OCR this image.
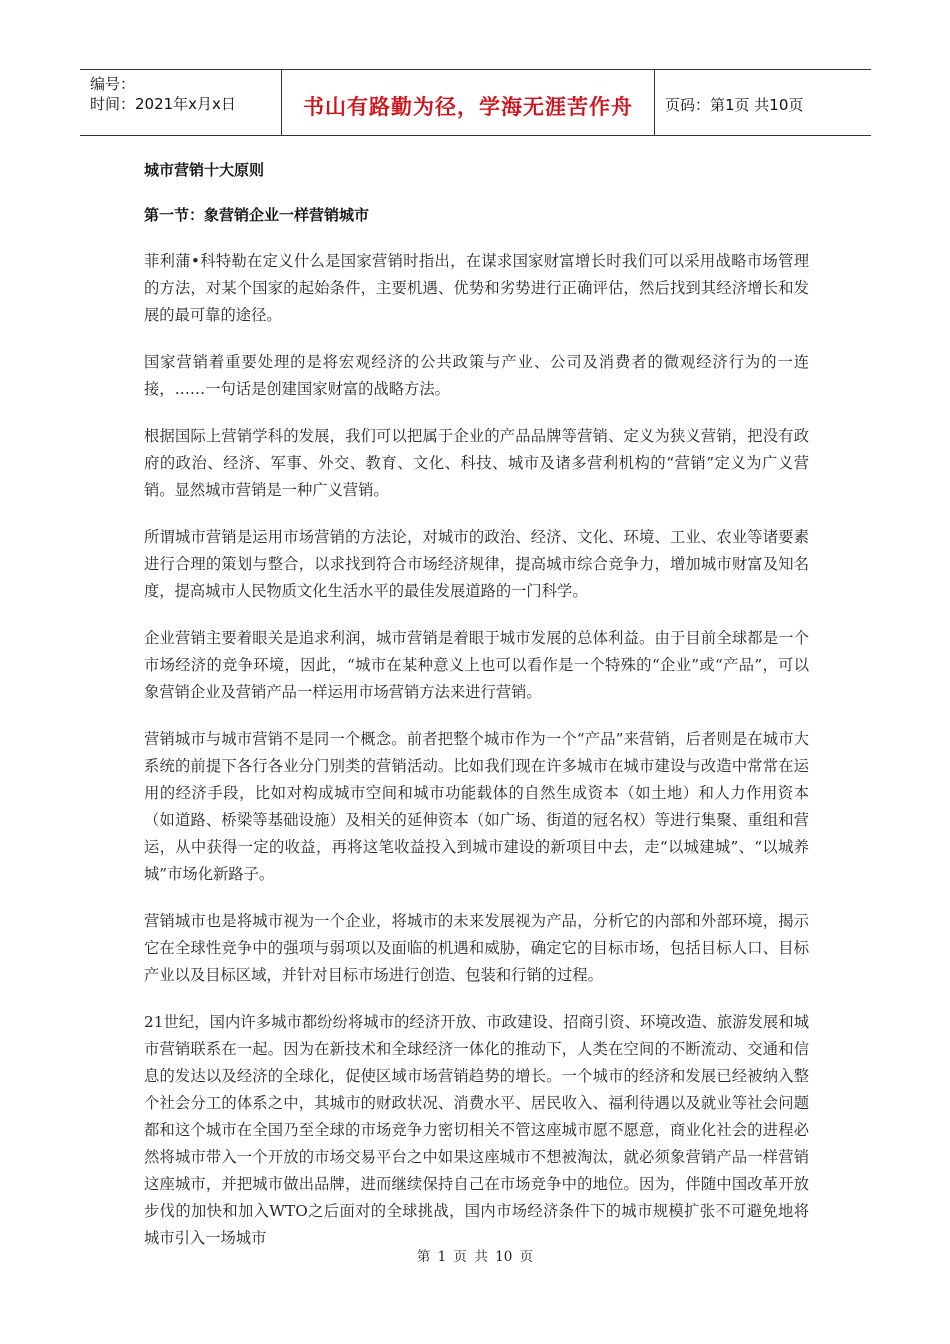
编号：
时间：2021年x月x日	书山有路勤为径，学海无涯苦作舟	页码：第1页 共10页

城市营销十大原则

第一节：象营销企业一样营销城市

菲利蒲•科特勒在定义什么是国家营销时指出，在谋求国家财富增长时我们可以采用战略市场管理的方法，对某个国家的起始条件，主要机遇、优势和劣势进行正确评估，然后找到其经济增长和发展的最可靠的途径。

国家营销着重要处理的是将宏观经济的公共政策与产业、公司及消费者的微观经济行为的一连接，……一句话是创建国家财富的战略方法。

根据国际上营销学科的发展，我们可以把属于企业的产品品牌等营销、定义为狭义营销，把没有政府的政治、经济、军事、外交、教育、文化、科技、城市及诸多营利机构的“营销”定义为广义营销。显然城市营销是一种广义营销。

所谓城市营销是运用市场营销的方法论，对城市的政治、经济、文化、环境、工业、农业等诸要素进行合理的策划与整合，以求找到符合市场经济规律，提高城市综合竞争力，增加城市财富及知名度，提高城市人民物质文化生活水平的最佳发展道路的一门科学。

企业营销主要着眼关是追求利润，城市营销是着眼于城市发展的总体利益。由于目前全球都是一个市场经济的竞争环境，因此，“城市在某种意义上也可以看作是一个特殊的“企业”或“产品”，可以象营销企业及营销产品一样运用市场营销方法来进行营销。

营销城市与城市营销不是同一个概念。前者把整个城市作为一个“产品”来营销，后者则是在城市大系统的前提下各行各业分门别类的营销活动。比如我们现在许多城市在城市建设与改造中常常在运用的经济手段，比如对构成城市空间和城市功能载体的自然生成资本（如土地）和人力作用资本（如道路、桥梁等基础设施）及相关的延伸资本（如广场、街道的冠名权）等进行集聚、重组和营运，从中获得一定的收益，再将这笔收益投入到城市建设的新项目中去，走“以城建城”、“以城养城”市场化新路子。

营销城市也是将城市视为一个企业，将城市的未来发展视为产品，分析它的内部和外部环境，揭示它在全球性竞争中的强项与弱项以及面临的机遇和威胁，确定它的目标市场，包括目标人口、目标产业以及目标区域，并针对目标市场进行创造、包装和行销的过程。

21世纪，国内许多城市都纷纷将城市的经济开放、市政建设、招商引资、环境改造、旅游发展和城市营销联系在一起。因为在新技术和全球经济一体化的推动下，人类在空间的不断流动、交通和信息的发达以及经济的全球化，促使区域市场营销趋势的增长。一个城市的经济和发展已经被纳入整个社会分工的体系之中，其城市的财政状况、消费水平、居民收入、福利待遇以及就业等社会问题都和这个城市在全国乃至全球的市场竞争力密切相关不管这座城市愿不愿意，商业化社会的进程必然将城市带入一个开放的市场交易平台之中如果这座城市不想被淘汰，就必须象营销产品一样营销这座城市，并把城市做出品牌，进而继续保持自己在市场竞争中的地位。因为，伴随中国改革开放步伐的加快和加入WTO之后面对的全球挑战，国内市场经济条件下的城市规模扩张不可避免地将城市引入一场城市

第 1 页 共 10 页
